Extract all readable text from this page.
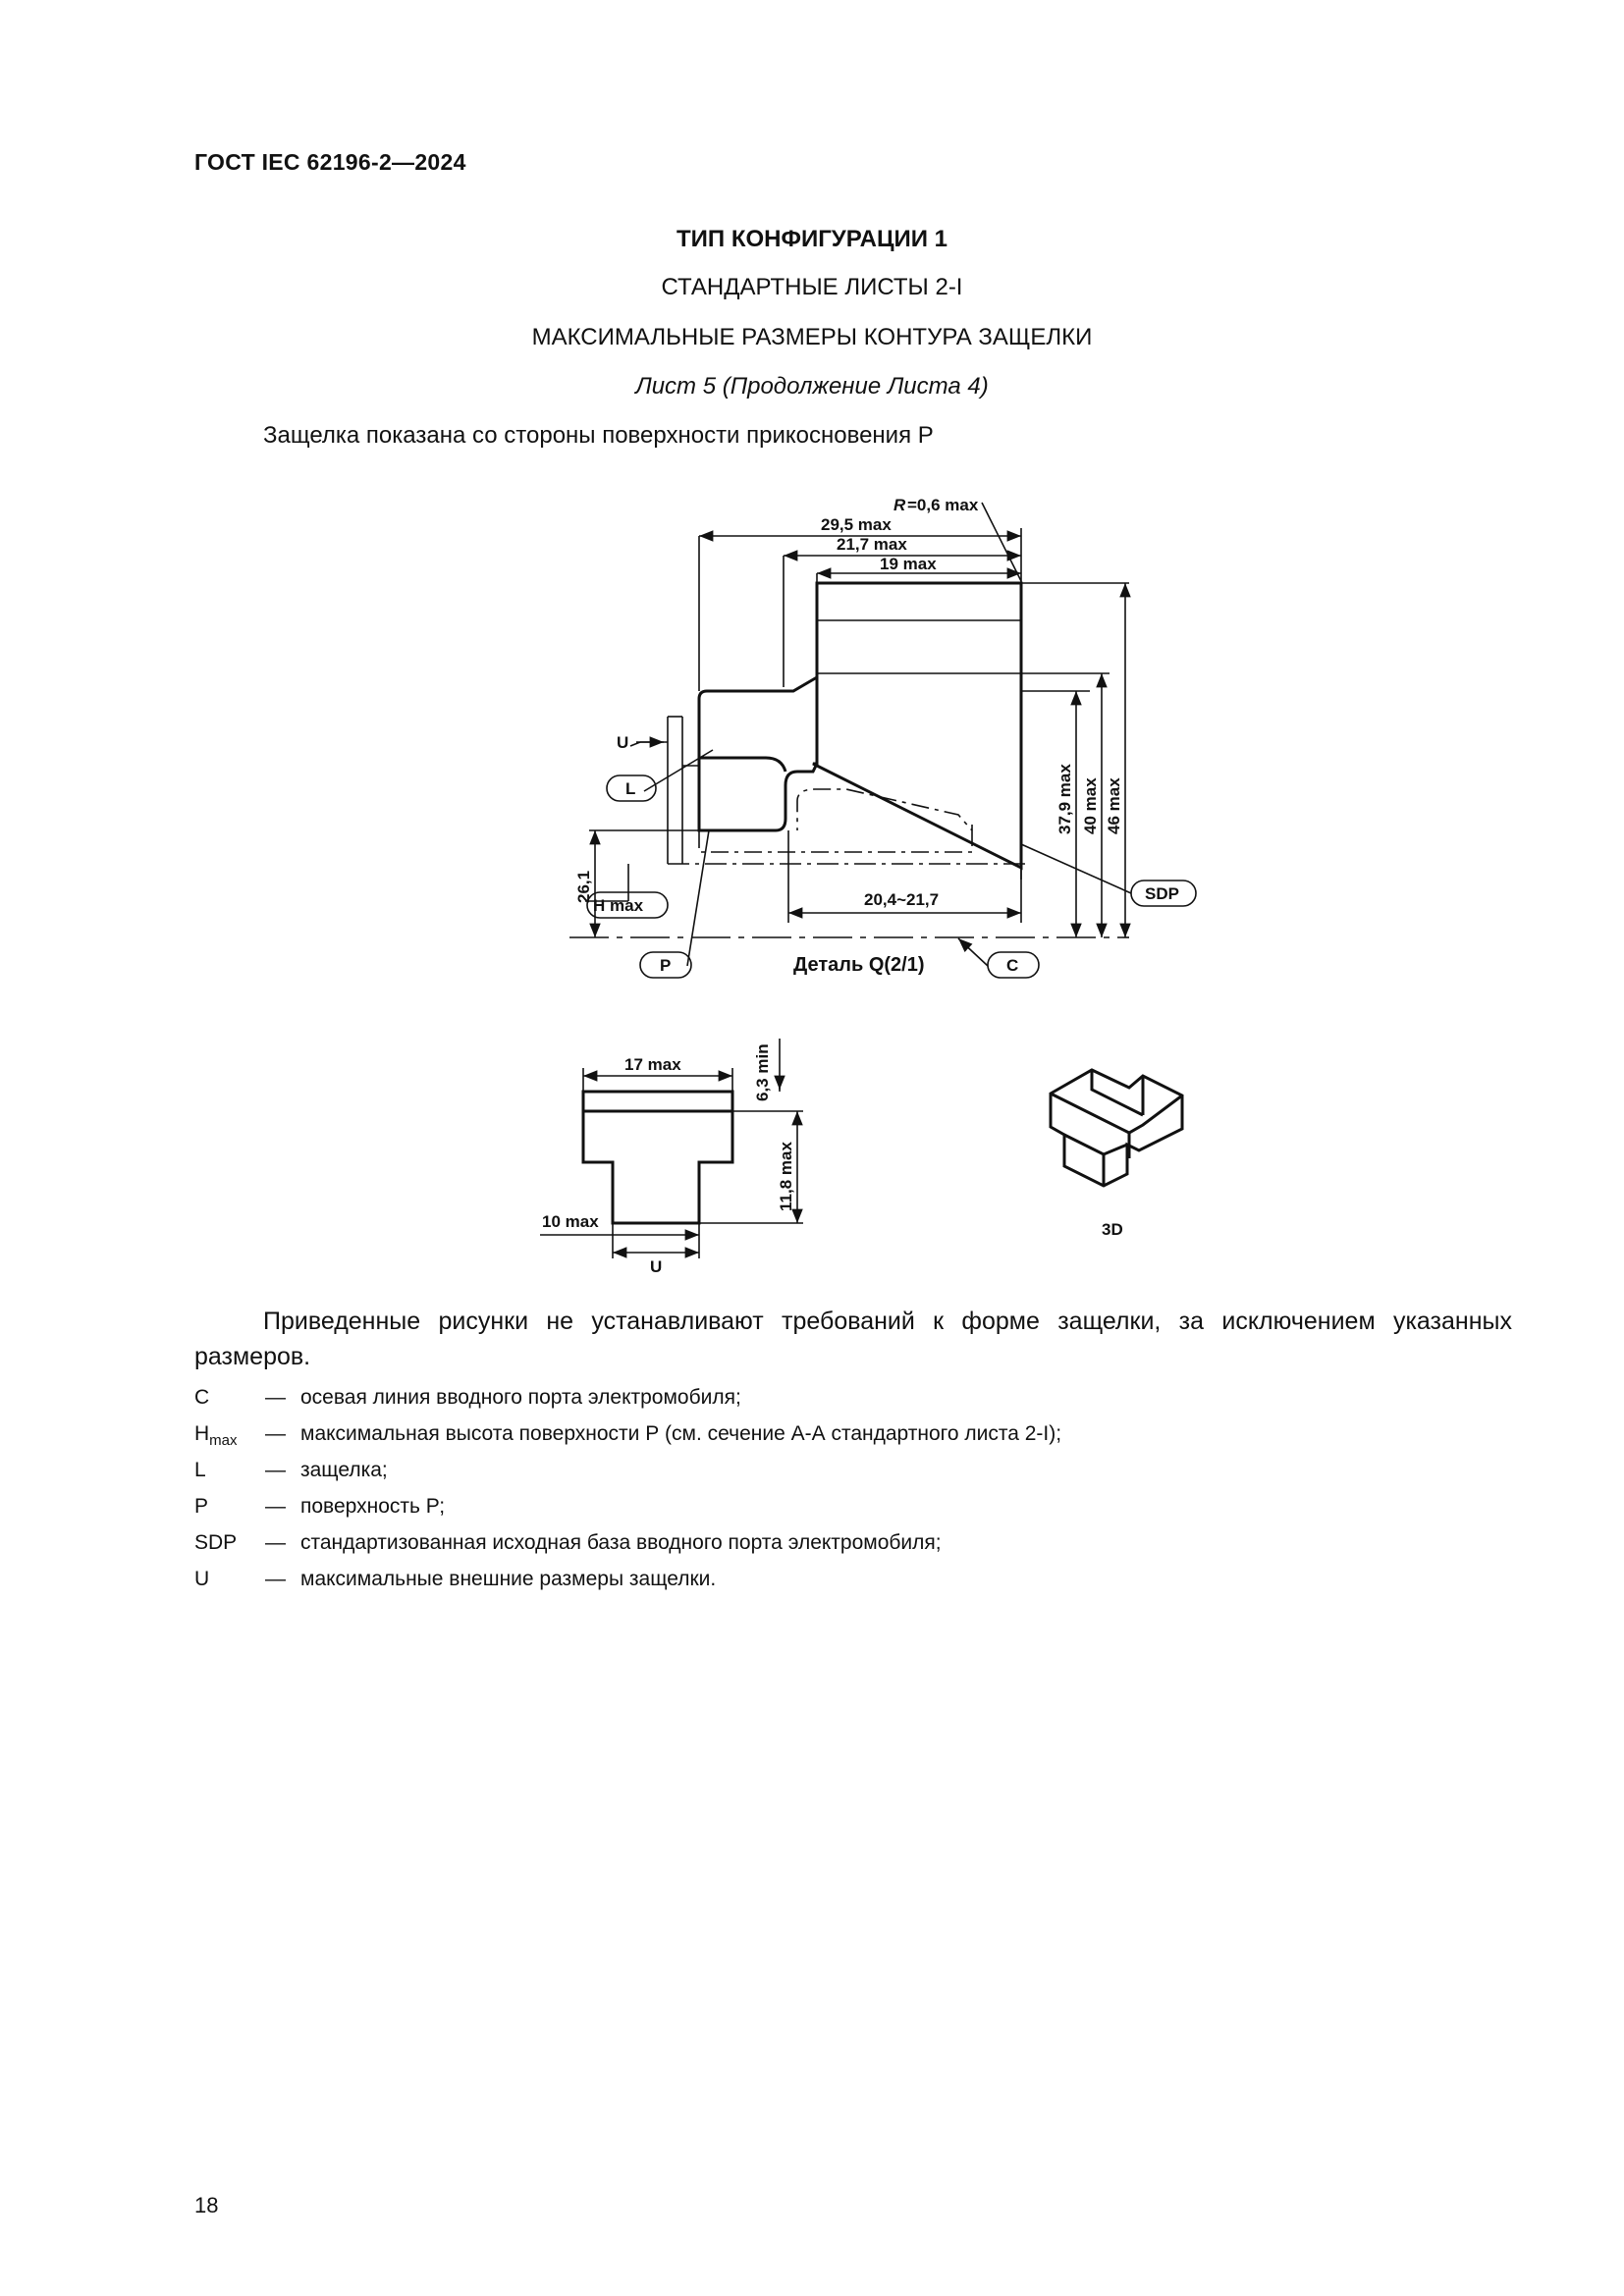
ГОСТ IEC 62196-2—2024
ТИП КОНФИГУРАЦИИ 1
СТАНДАРТНЫЕ ЛИСТЫ 2-I
МАКСИМАЛЬНЫЕ РАЗМЕРЫ КОНТУРА ЗАЩЕЛКИ
Лист 5 (Продолжение Листа 4)
Защелка показана со стороны поверхности прикосновения P
R =0,6 max
29,5 max
21,7 max
19 max
37,9 max 40 max 46 max
26,1	20,4~21,7
U
L
H max
P	C
SDP
Деталь Q(2/1)
17 max	6,3 min
11,8 max
10 max
U
3D
Приведенные рисунки не устанавливают требований к форме защелки, за исключением указанных размеров.
C	— осевая линия вводного порта электромобиля;
$H_{max}$ — максимальная высота поверхности Р (см. сечение А-А стандартного листа 2-I);
L	— защелка;
P	— поверхность Р;
SDP — стандартизованная исходная база вводного порта электромобиля;
U	— максимальные внешние размеры защелки.
18
